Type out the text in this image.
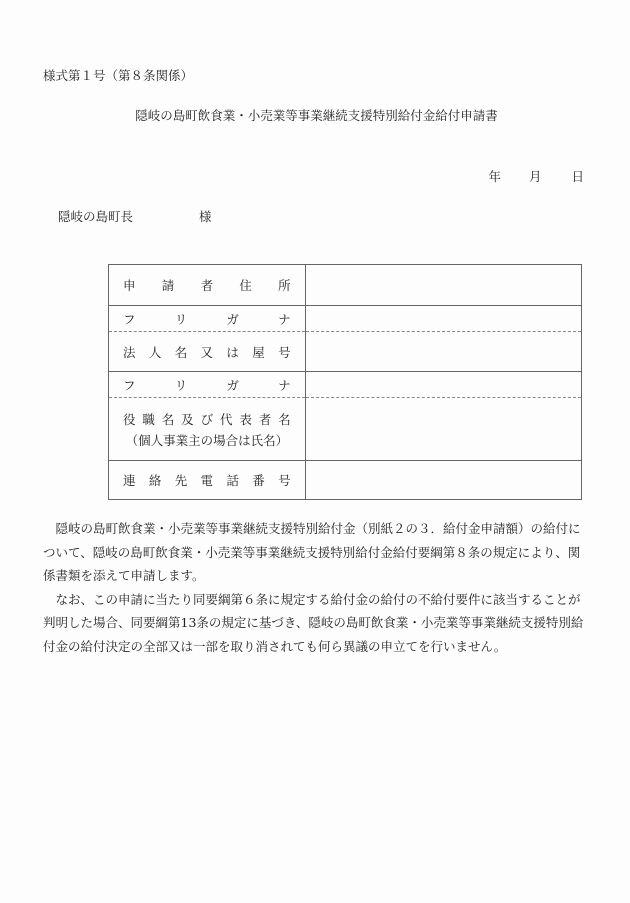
様式第１号（第８条関係）
隠岐の島町飲食業・小売業等事業継続支援特別給付金給付申請書
年 月 日
隠岐の島町長	様
申 請 者 住 所	

フ リ ガ ナ	

法 人 名 又 は 屋 号

フ リ ガ ナ	

役 職 名 及 び 代 表 者 名
（個人事業主の場合は氏名）

連 絡 先 電 話 番 号

隠岐の島町飲食業・小売業等事業継続支援特別給付金（別紙２の３．給付金申請額）の給付について、隠岐の島町飲食業・小売業等事業継続支援特別給付金給付要綱第８条の規定により、関係書類を添えて申請します。

なお、この申請に当たり同要綱第６条に規定する給付金の給付の不給付要件に該当することが判明した場合、同要綱第13条の規定に基づき、隠岐の島町飲食業・小売業等事業継続支援特別給付金の給付決定の全部又は一部を取り消されても何ら異議の申立てを行いません。
